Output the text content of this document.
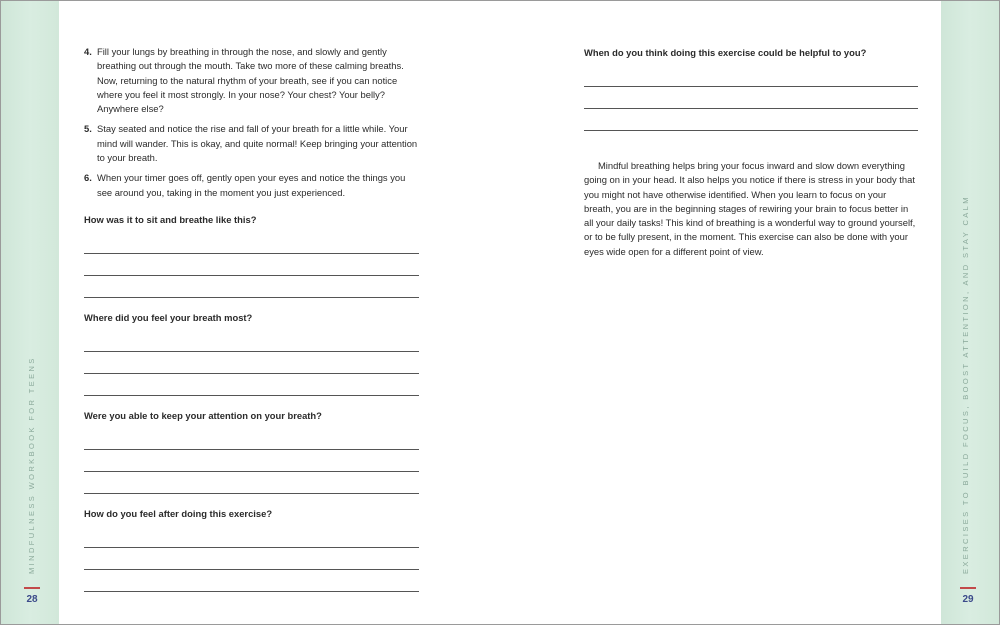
MINDFULNESS WORKBOOK FOR TEENS
28
EXERCISES TO BUILD FOCUS, BOOST ATTENTION, AND STAY CALM
29
4. Fill your lungs by breathing in through the nose, and slowly and gently breathing out through the mouth. Take two more of these calming breaths. Now, returning to the natural rhythm of your breath, see if you can notice where you feel it most strongly. In your nose? Your chest? Your belly? Anywhere else?
5. Stay seated and notice the rise and fall of your breath for a little while. Your mind will wander. This is okay, and quite normal! Keep bringing your attention to your breath.
6. When your timer goes off, gently open your eyes and notice the things you see around you, taking in the moment you just experienced.

How was it to sit and breathe like this?

Where did you feel your breath most?

Were you able to keep your attention on your breath?

How do you feel after doing this exercise?

When do you think doing this exercise could be helpful to you?

Mindful breathing helps bring your focus inward and slow down everything going on in your head. It also helps you notice if there is stress in your body that you might not have otherwise identified. When you learn to focus on your breath, you are in the beginning stages of rewiring your brain to focus better in all your daily tasks! This kind of breathing is a wonderful way to ground yourself, or to be fully present, in the moment. This exercise can also be done with your eyes wide open for a different point of view.
